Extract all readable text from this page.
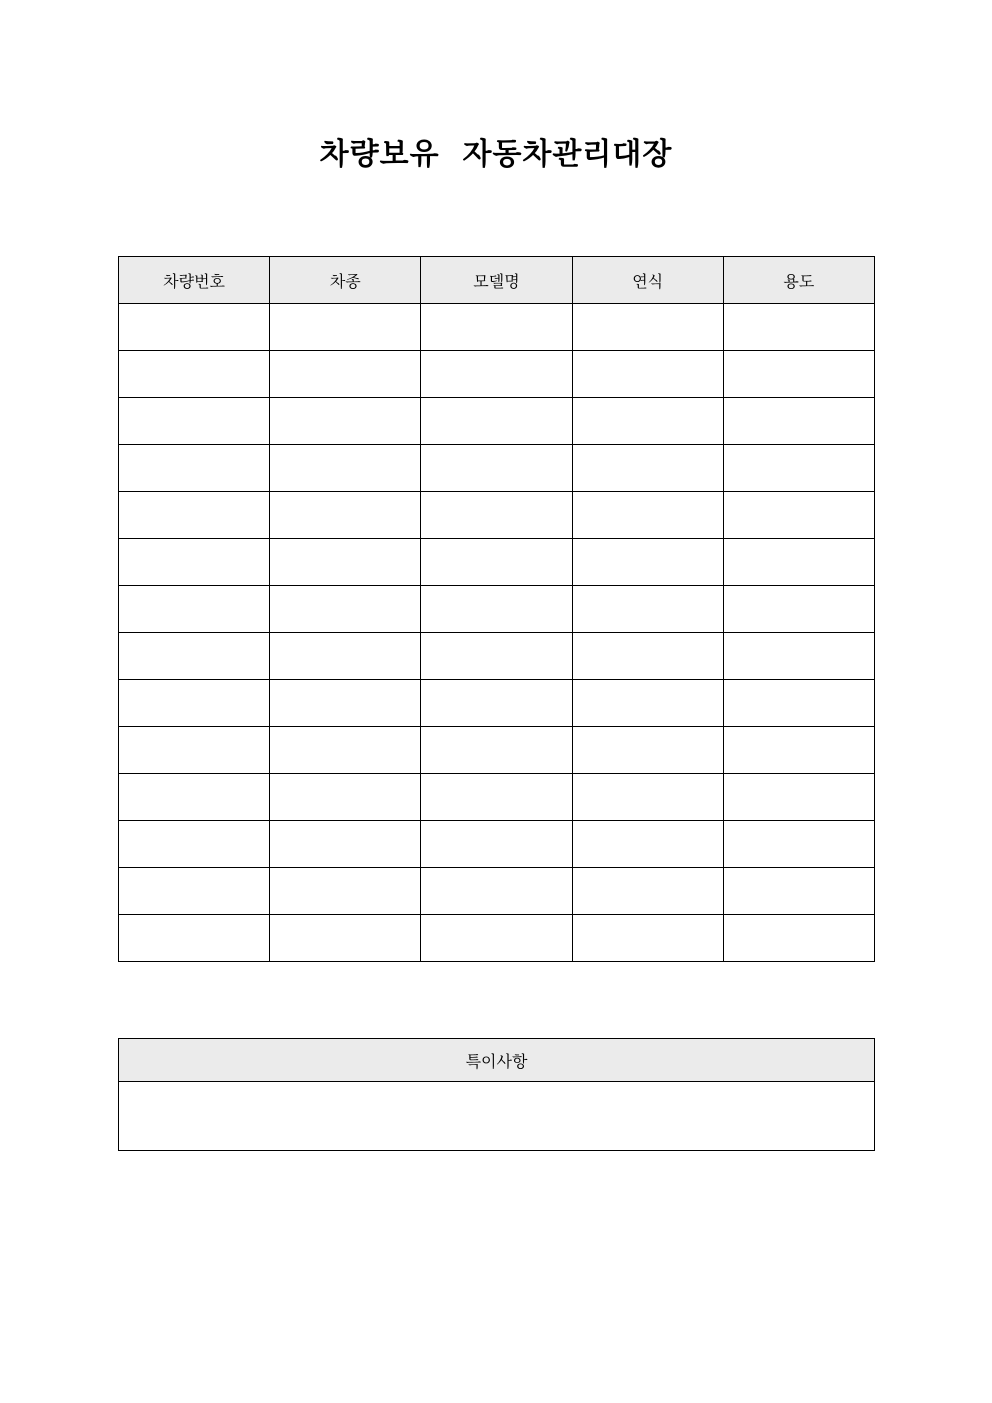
차량보유  자동차관리대장
차량번호	차종	모델명	연식	용도

특이사항
